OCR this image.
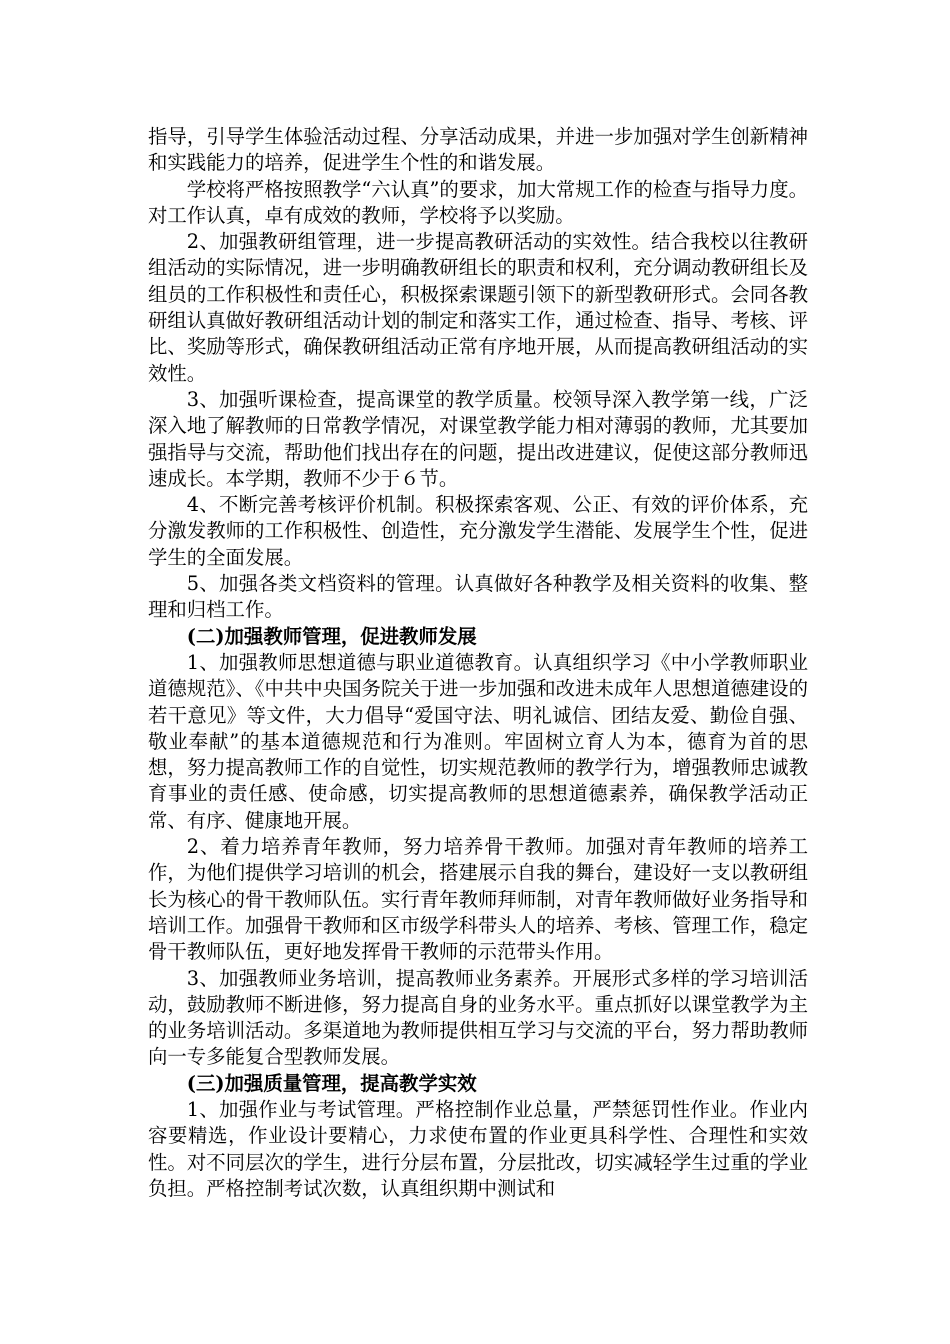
指导，引导学生体验活动过程、分享活动成果，并进一步加强对学生创新精神和实践能力的培养，促进学生个性的和谐发展。

学校将严格按照教学“六认真”的要求，加大常规工作的检查与指导力度。对工作认真，卓有成效的教师，学校将予以奖励。

2、加强教研组管理，进一步提高教研活动的实效性。结合我校以往教研组活动的实际情况，进一步明确教研组长的职责和权利，充分调动教研组长及组员的工作积极性和责任心，积极探索课题引领下的新型教研形式。会同各教研组认真做好教研组活动计划的制定和落实工作，通过检查、指导、考核、评比、奖励等形式，确保教研组活动正常有序地开展，从而提高教研组活动的实效性。

3、加强听课检查，提高课堂的教学质量。校领导深入教学第一线，广泛深入地了解教师的日常教学情况，对课堂教学能力相对薄弱的教师，尤其要加强指导与交流，帮助他们找出存在的问题，提出改进建议，促使这部分教师迅速成长。本学期，教师不少于６节。

4、不断完善考核评价机制。积极探索客观、公正、有效的评价体系，充分激发教师的工作积极性、创造性，充分激发学生潜能、发展学生个性，促进学生的全面发展。

5、加强各类文档资料的管理。认真做好各种教学及相关资料的收集、整理和归档工作。

(二)加强教师管理，促进教师发展

1、加强教师思想道德与职业道德教育。认真组织学习《中小学教师职业道德规范》、《中共中央国务院关于进一步加强和改进未成年人思想道德建设的若干意见》等文件，大力倡导“爱国守法、明礼诚信、团结友爱、勤俭自强、敬业奉献”的基本道德规范和行为准则。牢固树立育人为本，德育为首的思想，努力提高教师工作的自觉性，切实规范教师的教学行为，增强教师忠诚教育事业的责任感、使命感，切实提高教师的思想道德素养，确保教学活动正常、有序、健康地开展。

2、着力培养青年教师，努力培养骨干教师。加强对青年教师的培养工作，为他们提供学习培训的机会，搭建展示自我的舞台，建设好一支以教研组长为核心的骨干教师队伍。实行青年教师拜师制，对青年教师做好业务指导和培训工作。加强骨干教师和区市级学科带头人的培养、考核、管理工作，稳定骨干教师队伍，更好地发挥骨干教师的示范带头作用。

3、加强教师业务培训，提高教师业务素养。开展形式多样的学习培训活动，鼓励教师不断进修，努力提高自身的业务水平。重点抓好以课堂教学为主的业务培训活动。多渠道地为教师提供相互学习与交流的平台，努力帮助教师向一专多能复合型教师发展。

(三)加强质量管理，提高教学实效

1、加强作业与考试管理。严格控制作业总量，严禁惩罚性作业。作业内容要精选，作业设计要精心，力求使布置的作业更具科学性、合理性和实效性。对不同层次的学生，进行分层布置，分层批改，切实减轻学生过重的学业负担。严格控制考试次数，认真组织期中测试和
